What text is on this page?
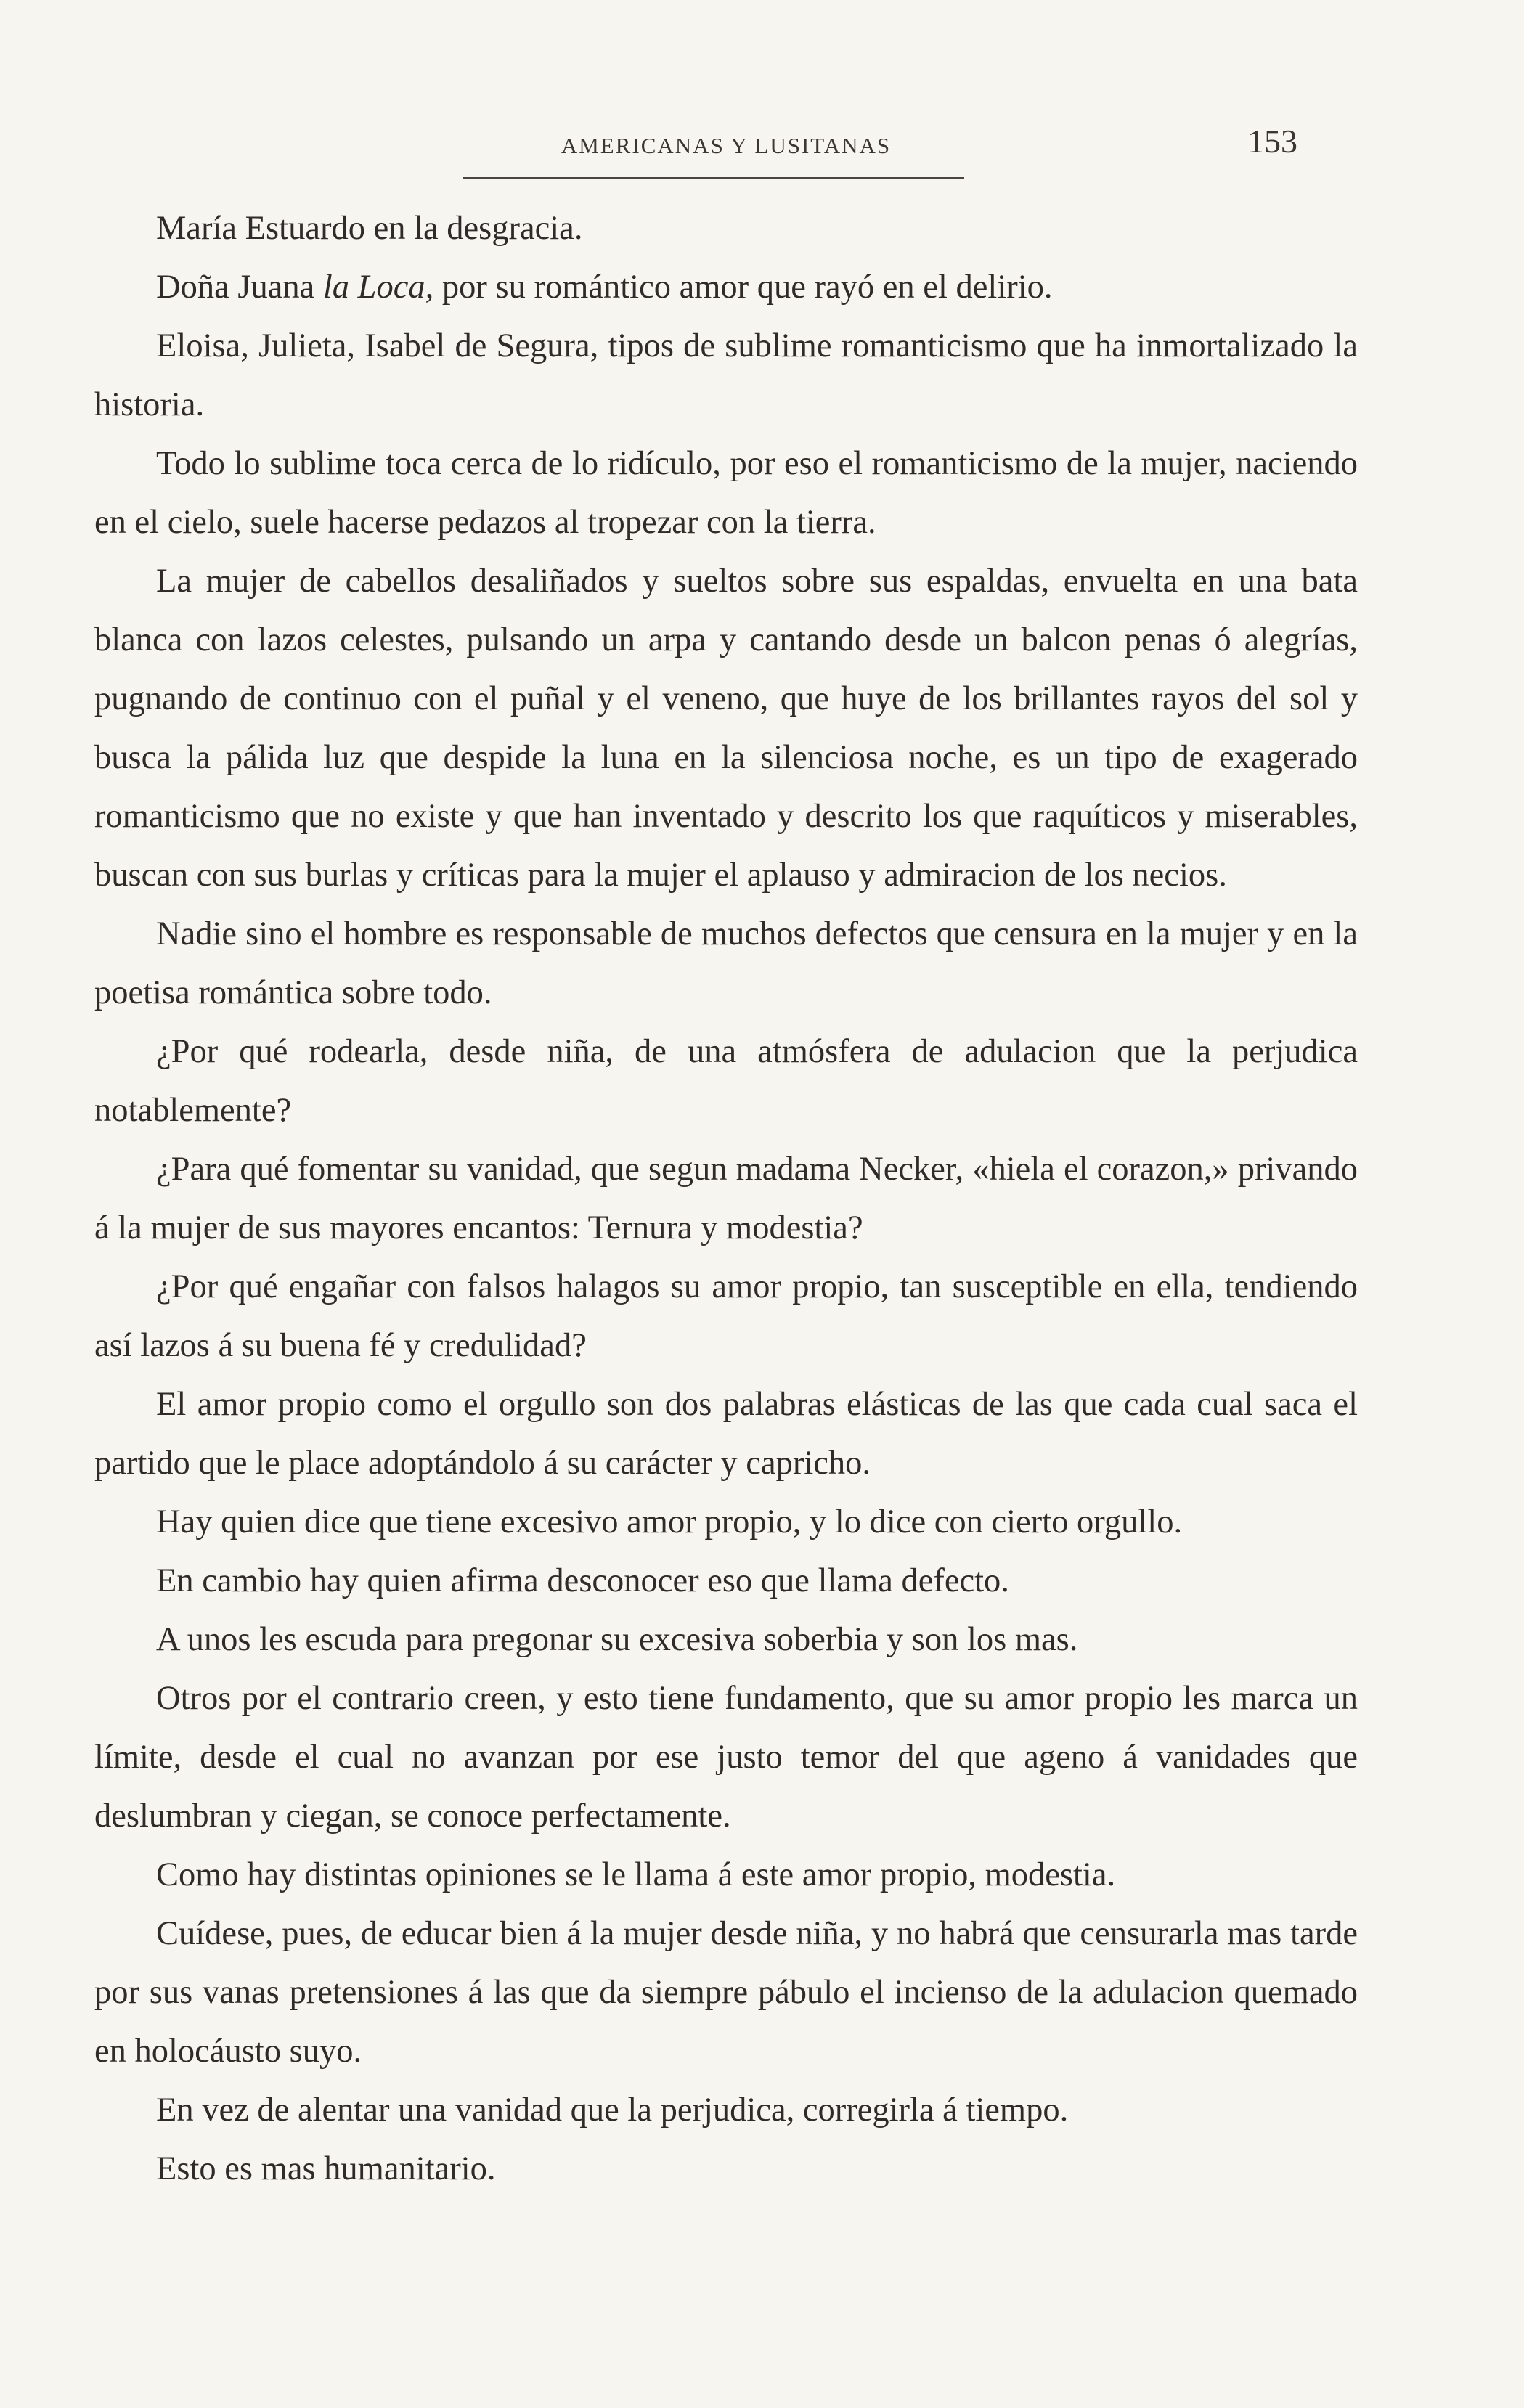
AMERICANAS Y LUSITANAS	153

María Estuardo en la desgracia.

Doña Juana la Loca, por su romántico amor que rayó en el delirio.

Eloisa, Julieta, Isabel de Segura, tipos de sublime romanticismo que ha inmortalizado la historia.

Todo lo sublime toca cerca de lo ridículo, por eso el romanticismo de la mujer, naciendo en el cielo, suele hacerse pedazos al tropezar con la tierra.

La mujer de cabellos desaliñados y sueltos sobre sus espaldas, envuelta en una bata blanca con lazos celestes, pulsando un arpa y cantando desde un balcon penas ó alegrías, pugnando de continuo con el puñal y el veneno, que huye de los brillantes rayos del sol y busca la pálida luz que despide la luna en la silenciosa noche, es un tipo de exagerado romanticismo que no existe y que han inventado y descrito los que raquíticos y miserables, buscan con sus burlas y críticas para la mujer el aplauso y admiracion de los necios.

Nadie sino el hombre es responsable de muchos defectos que censura en la mujer y en la poetisa romántica sobre todo.

¿Por qué rodearla, desde niña, de una atmósfera de adulacion que la perjudica notablemente?

¿Para qué fomentar su vanidad, que segun madama Necker, «hiela el corazon,» privando á la mujer de sus mayores encantos: Ternura y modestia?

¿Por qué engañar con falsos halagos su amor propio, tan susceptible en ella, tendiendo así lazos á su buena fé y credulidad?

El amor propio como el orgullo son dos palabras elásticas de las que cada cual saca el partido que le place adoptándolo á su carácter y capricho.

Hay quien dice que tiene excesivo amor propio, y lo dice con cierto orgullo.

En cambio hay quien afirma desconocer eso que llama defecto.

A unos les escuda para pregonar su excesiva soberbia y son los mas.

Otros por el contrario creen, y esto tiene fundamento, que su amor propio les marca un límite, desde el cual no avanzan por ese justo temor del que ageno á vanidades que deslumbran y ciegan, se conoce perfectamente.

Como hay distintas opiniones se le llama á este amor propio, modestia.

Cuídese, pues, de educar bien á la mujer desde niña, y no habrá que censurarla mas tarde por sus vanas pretensiones á las que da siempre pábulo el incienso de la adulacion quemado en holocáusto suyo.

En vez de alentar una vanidad que la perjudica, corregirla á tiempo.

Esto es mas humanitario.
